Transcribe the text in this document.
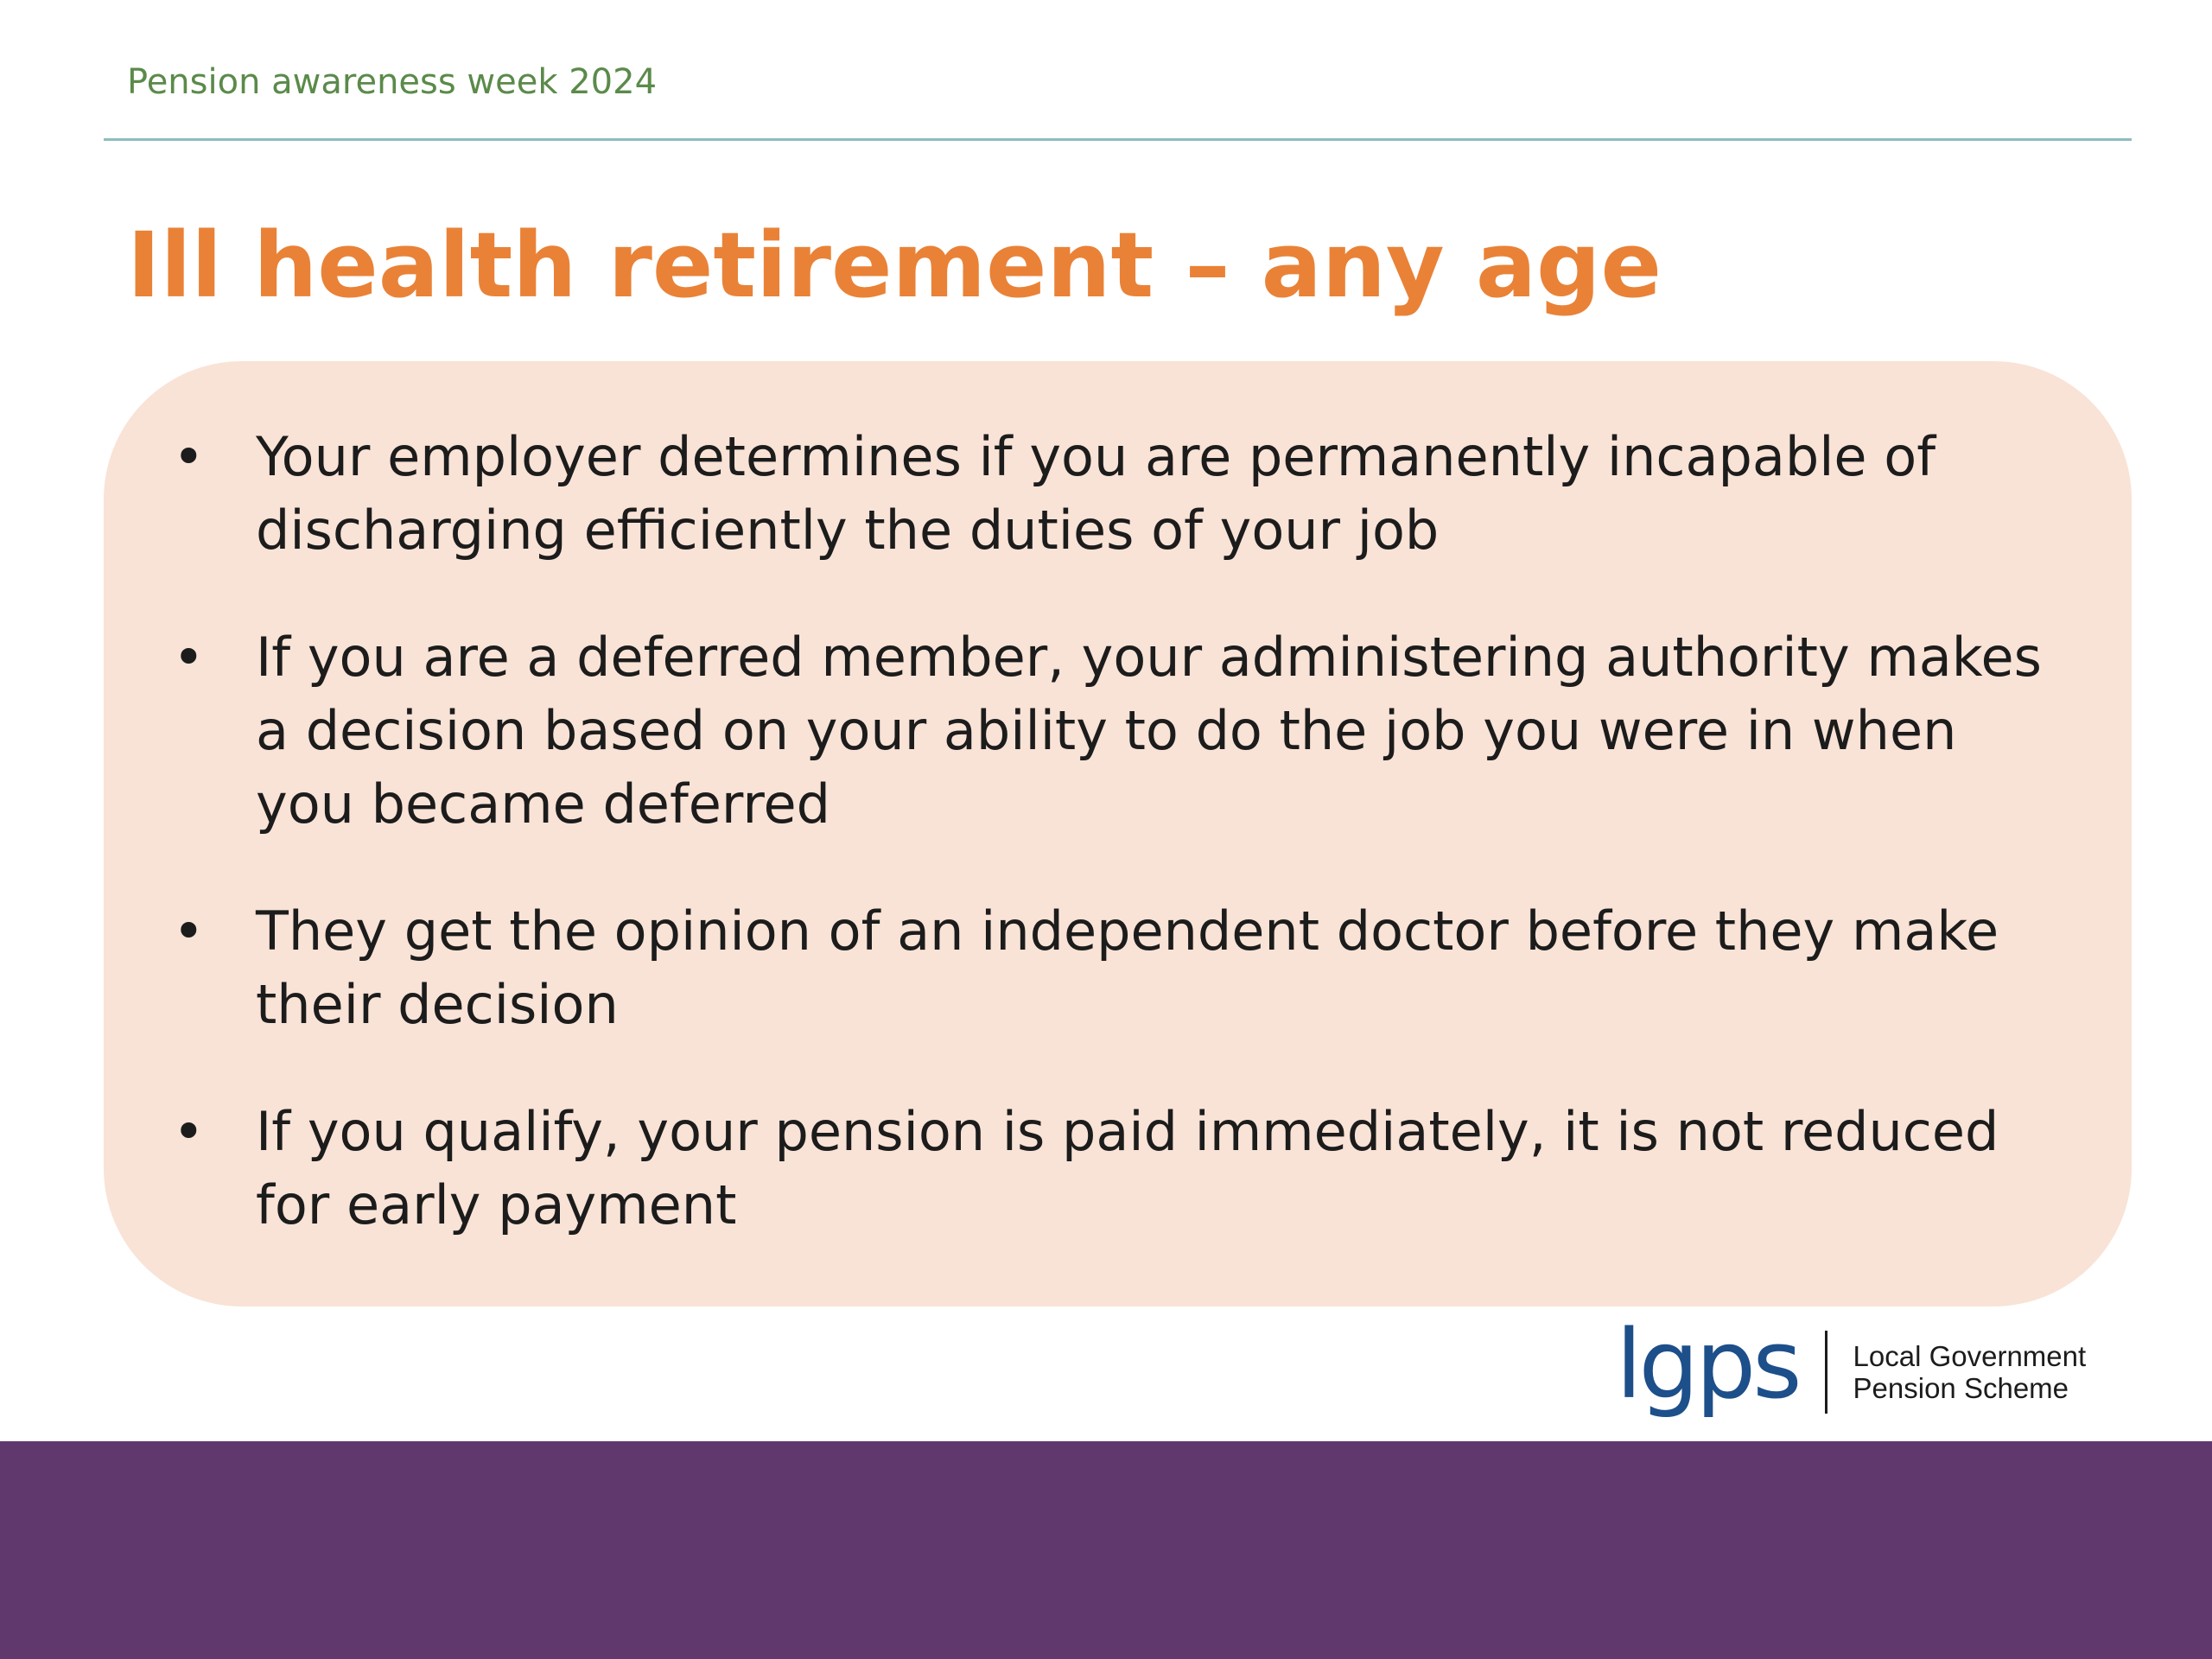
Pension awareness week 2024
Ill health retirement – any age
• Your employer determines if you are permanently incapable of discharging efficiently the duties of your job
• If you are a deferred member, your administering authority makes a decision based on your ability to do the job you were in when you became deferred
• They get the opinion of an independent doctor before they make their decision
• If you qualify, your pension is paid immediately, it is not reduced for early payment
lgps Local Government
Pension Scheme
